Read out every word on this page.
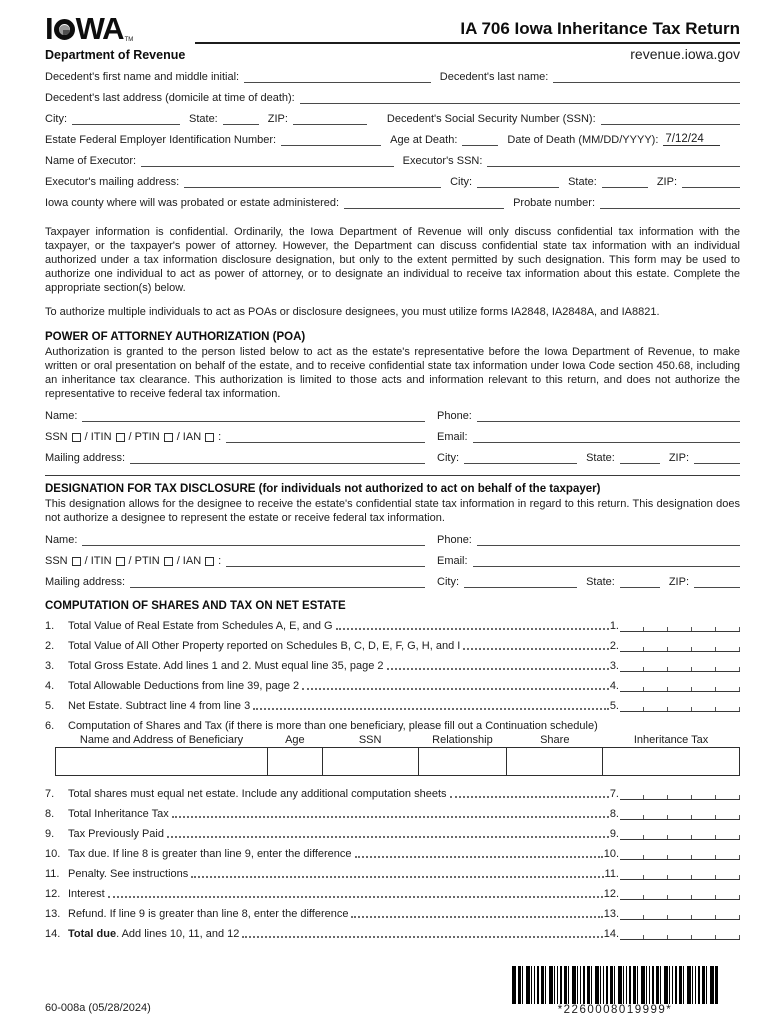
I WA TM
Department of Revenue
IA 706 Iowa Inheritance Tax Return
revenue.iowa.gov
Decedent's first name and middle initial:	Decedent's last name:
Decedent's last address (domicile at time of death):
City:	State:	ZIP:	Decedent's Social Security Number (SSN):
Estate Federal Employer Identification Number:	Age at Death:	Date of Death (MM/DD/YYYY): 7/12/24
Name of Executor:	Executor's SSN:
Executor's mailing address:	City:	State:	ZIP:
Iowa county where will was probated or estate administered:	Probate number:
Taxpayer information is confidential. Ordinarily, the Iowa Department of Revenue will only discuss confidential tax information with the taxpayer, or the taxpayer's power of attorney. However, the Department can discuss confidential state tax information with an individual authorized under a tax information disclosure designation, but only to the extent permitted by such designation. This form may be used to authorize one individual to act as power of attorney, or to designate an individual to receive tax information about this estate. Complete the appropriate section(s) below.
To authorize multiple individuals to act as POAs or disclosure designees, you must utilize forms IA2848, IA2848A, and IA8821.
POWER OF ATTORNEY AUTHORIZATION (POA)
Authorization is granted to the person listed below to act as the estate's representative before the Iowa Department of Revenue, to make written or oral presentation on behalf of the estate, and to receive confidential state tax information under Iowa Code section 450.68, including an inheritance tax clearance. This authorization is limited to those acts and information relevant to this return, and does not authorize the representative to receive federal tax information.
Name:	Phone:
SSN / ITIN / PTIN / IAN :	Email:
Mailing address:	City:	State:	ZIP:
DESIGNATION FOR TAX DISCLOSURE (for individuals not authorized to act on behalf of the taxpayer)
This designation allows for the designee to receive the estate's confidential state tax information in regard to this return. This designation does not authorize a designee to represent the estate or receive federal tax information.
Name:	Phone:
SSN / ITIN / PTIN / IAN :	Email:
Mailing address:	City:	State:	ZIP:
COMPUTATION OF SHARES AND TAX ON NET ESTATE
1.	Total Value of Real Estate from Schedules A, E, and G	1.
2.	Total Value of All Other Property reported on Schedules B, C, D, E, F, G, H, and I	2.
3.	Total Gross Estate. Add lines 1 and 2. Must equal line 35, page 2	3.
4.	Total Allowable Deductions from line 39, page 2	4.
5.	Net Estate. Subtract line 4 from line 3	5.
6.	Computation of Shares and Tax (if there is more than one beneficiary, please fill out a Continuation schedule)
Name and Address of Beneficiary	Age	SSN	Relationship	Share	Inheritance Tax

7.	Total shares must equal net estate. Include any additional computation sheets	7.
8.	Total Inheritance Tax	8.
9.	Tax Previously Paid	9.
10. Tax due. If line 8 is greater than line 9, enter the difference	10.
11. Penalty. See instructions	11.
12. Interest	12.
13. Refund. If line 9 is greater than line 8, enter the difference	13.
14. Total due . Add lines 10, 11, and 12	14.
60-008a (05/28/2024)	*2260008019999*
